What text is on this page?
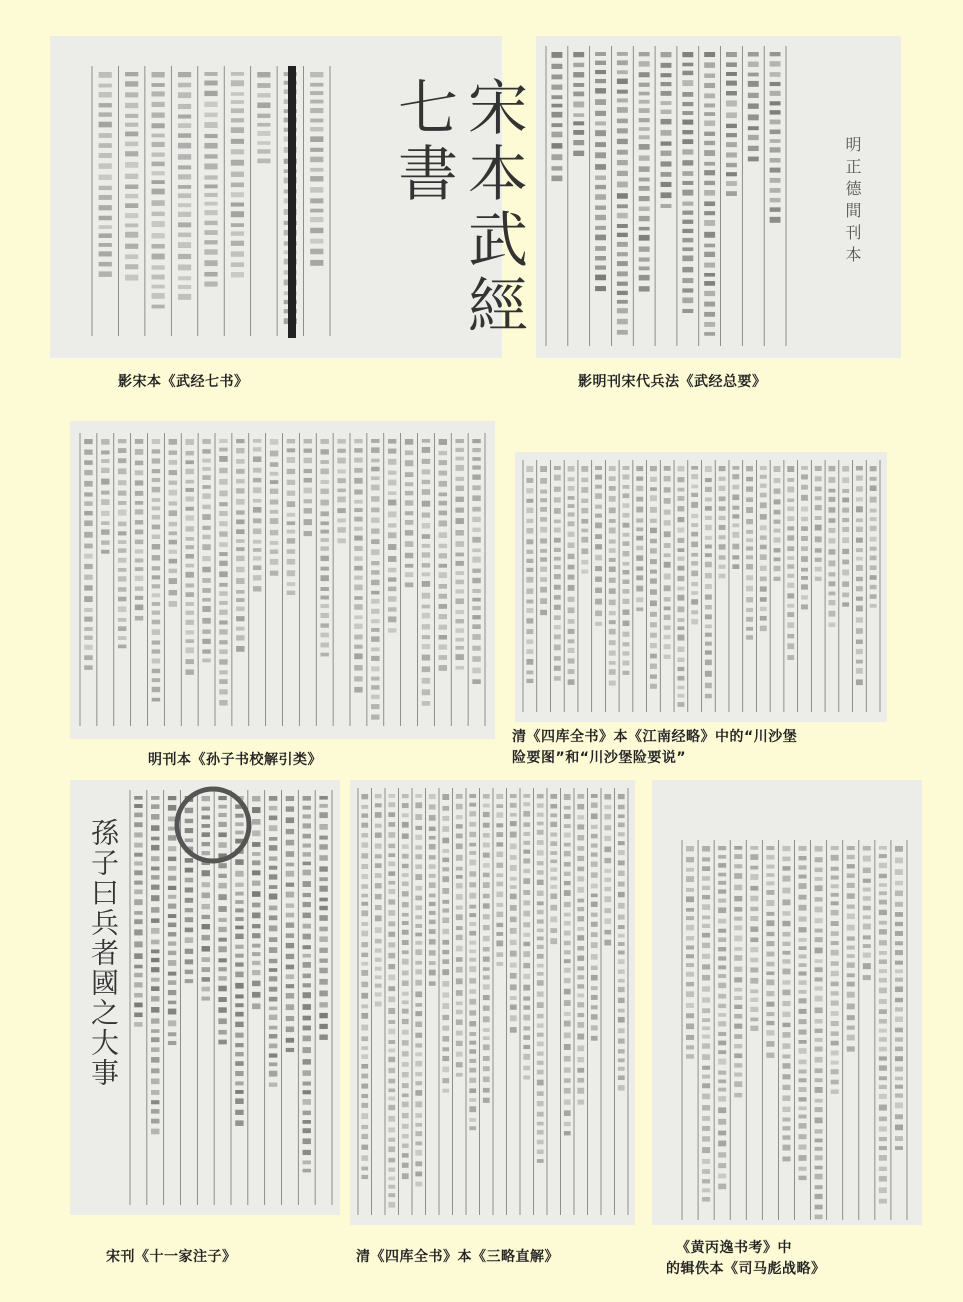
宋本武經七書
影宋本《武经七书》
明正德間刊本
影明刊宋代兵法《武经总要》
明刊本《孙子书校解引类》
清《四库全书》本《江南经略》中的“川沙堡
险要图”和“川沙堡险要说”
孫子曰兵者國之大事
宋刊《十一家注子》	清《四库全书》本《三略直解》
《黄丙逸书考》中
的辑佚本《司马彪战略》
